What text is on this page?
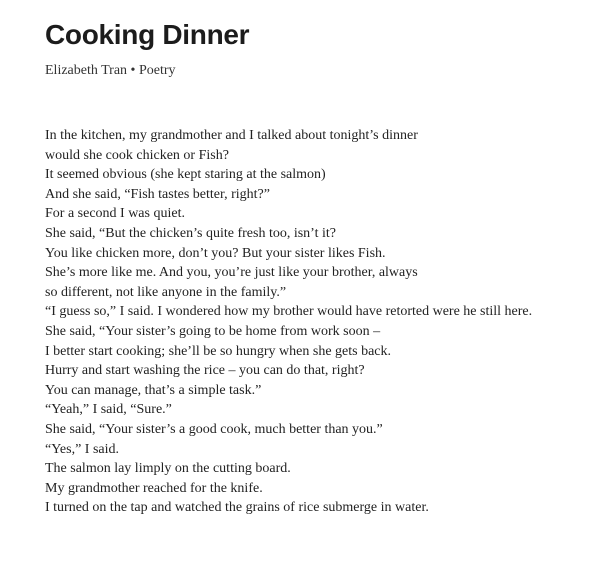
Cooking Dinner
Elizabeth Tran • Poetry
In the kitchen, my grandmother and I talked about tonight’s dinner
would she cook chicken or Fish?
It seemed obvious (she kept staring at the salmon)
And she said, “Fish tastes better, right?”
For a second I was quiet.
She said, “But the chicken’s quite fresh too, isn’t it?
You like chicken more, don’t you? But your sister likes Fish.
She’s more like me. And you, you’re just like your brother, always
so different, not like anyone in the family.”
“I guess so,” I said. I wondered how my brother would have retorted were he still here.
She said, “Your sister’s going to be home from work soon –
I better start cooking; she’ll be so hungry when she gets back.
Hurry and start washing the rice – you can do that, right?
You can manage, that’s a simple task.”
“Yeah,” I said, “Sure.”
She said, “Your sister’s a good cook, much better than you.”
“Yes,” I said.
The salmon lay limply on the cutting board.
My grandmother reached for the knife.
I turned on the tap and watched the grains of rice submerge in water.
